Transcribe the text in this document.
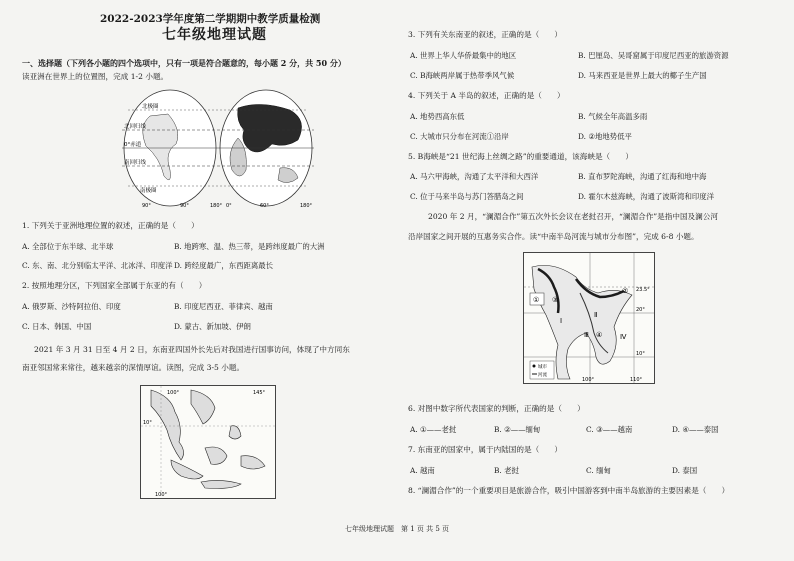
2022-2023学年度第二学期期中教学质量检测
七年级地理试题
一、选择题（下列各小题的四个选项中，只有一项是符合题意的，每小题 2 分，共 50 分）
读亚洲在世界上的位置图，完成 1-2 小题。
北极圈
北回归线
0°赤道
南回归线
南极圈
90°	180°
90°	0°	60°	180°
1. 下列关于亚洲地理位置的叙述，正确的是（　　）
A. 全部位于东半球、北半球	B. 地跨寒、温、热三带，是跨纬度最广的大洲
C. 东、南、北分别临太平洋、北冰洋、印度洋 D. 跨经度最广，东西距离最长
2. 按照地理分区，下列国家全部属于东亚的有（　　）
A. 俄罗斯、沙特阿拉伯、印度	B. 印度尼西亚、菲律宾、越南
C. 日本、韩国、中国	D. 蒙古、新加坡、伊朗
2021 年 3 月 31 日至 4 月 2 日，东南亚四国外长先后对我国进行国事访问，体现了中方同东
南亚邻国常来常往，越来越亲的深情厚谊。读图，完成 3-5 小题。
100°
145°
10°
100°
3. 下列有关东南亚的叙述，正确的是（　　）
A. 世界上华人华侨最集中的地区	B. 巴厘岛、吴哥窟属于印度尼西亚的旅游资源
C. B海峡两岸属于热带季风气候	D. 马来西亚是世界上最大的椰子生产国
4. 下列关于 A 半岛的叙述，正确的是（　　）
A. 地势西高东低	B. 气候全年高温多雨
C. 大城市只分布在河流①沿岸	D. ②地地势低平
5. B海峡是“21 世纪海上丝绸之路”的重要通道，该海峡是（　　）
A. 马六甲海峡，沟通了太平洋和大西洋	B. 直布罗陀海峡，沟通了红海和地中海
C. 位于马来半岛与苏门答腊岛之间	D. 霍尔木兹海峡，沟通了波斯湾和印度洋
2020 年 2 月，“澜湄合作”第五次外长会议在老挝召开，“澜湄合作”是指中国及澜公河
沿岸国家之间开展的互惠务实合作。读“中南半岛河流与城市分布图”，完成 6-8 小题。
① ③
②
Ⅰ
Ⅱ
Ⅲ	Ⅳ
④
23.5°
20°
10°
100°	110°
城市
河流
6. 对图中数字所代表国家的判断，正确的是（　　）
A. ①——老挝	B. ②——缅甸	C. ③——越南	D. ④——泰国
7. 东南亚的国家中，属于内陆国的是（　　）
A. 越南	B. 老挝	C. 缅甸	D. 泰国
8. “澜湄合作”的一个重要项目是旅游合作，吸引中国游客到中南半岛旅游的主要因素是（　　）
七年级地理试题　第 1 页 共 5 页
